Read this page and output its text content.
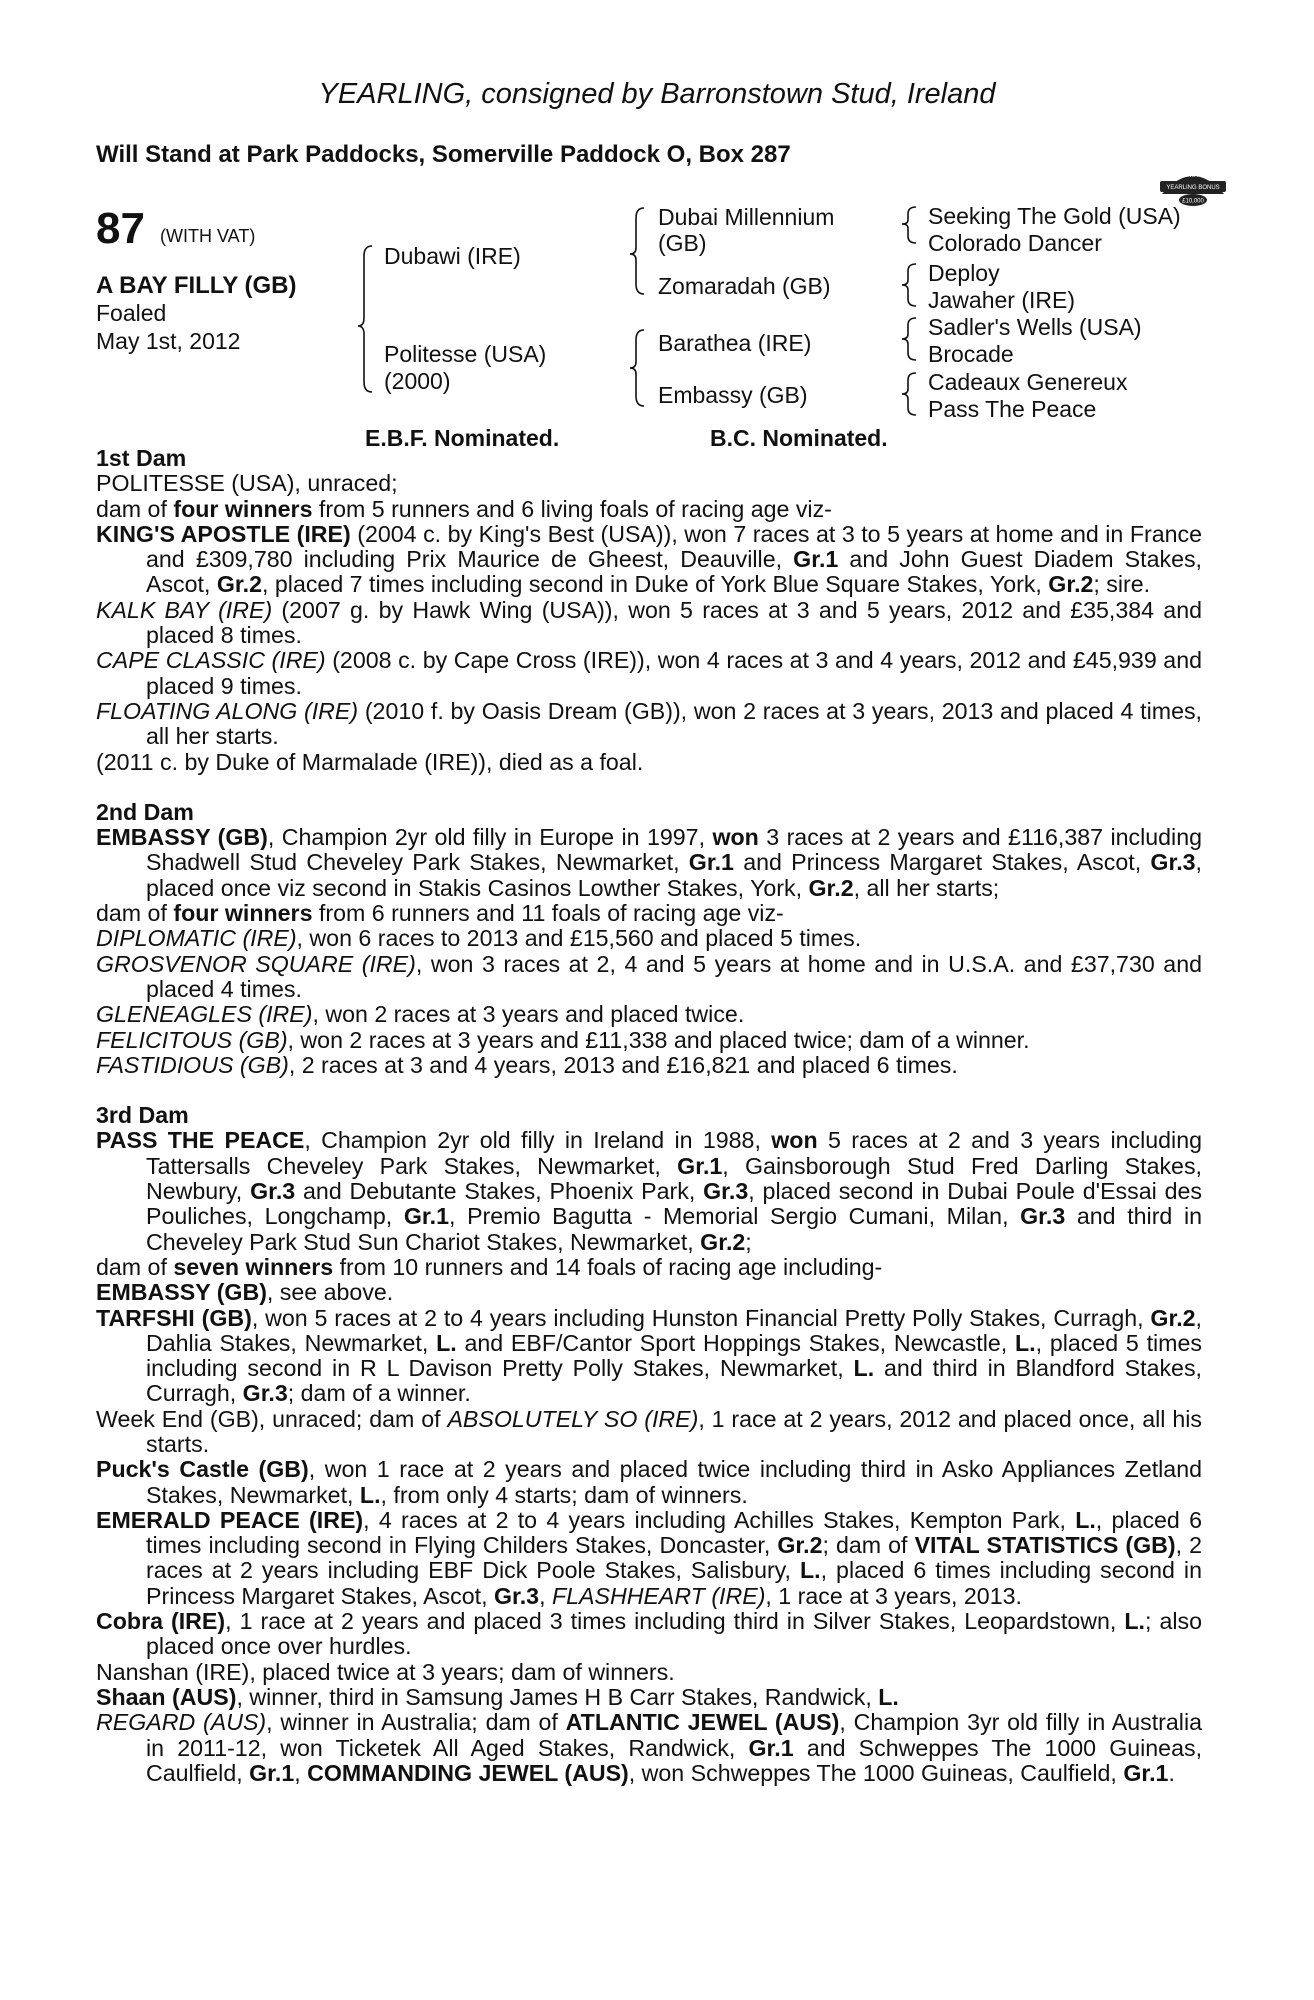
YEARLING, consigned by Barronstown Stud, Ireland
Will Stand at Park Paddocks, Somerville Paddock O, Box 287
RACING POST
YEARLING BONUS
£10,000
87 (WITH VAT)
A BAY FILLY (GB)
Foaled
May 1st, 2012
Dubawi (IRE)
Politesse (USA)
(2000)
Dubai Millennium
(GB)
Zomaradah (GB)
Barathea (IRE)
Embassy (GB)
Seeking The Gold (USA)
Colorado Dancer
Deploy
Jawaher (IRE)
Sadler's Wells (USA)
Brocade
Cadeaux Genereux
Pass The Peace
E.B.F. Nominated.	B.C. Nominated.

1st Dam

POLITESSE (USA), unraced;

dam of four winners from 5 runners and 6 living foals of racing age viz-

KING'S APOSTLE (IRE) (2004 c. by King's Best (USA)), won 7 races at 3 to 5 years at home and in France and £309,780 including Prix Maurice de Gheest, Deauville, Gr.1 and John Guest Diadem Stakes, Ascot, Gr.2, placed 7 times including second in Duke of York Blue Square Stakes, York, Gr.2; sire.

KALK BAY (IRE) (2007 g. by Hawk Wing (USA)), won 5 races at 3 and 5 years, 2012 and £35,384 and placed 8 times.

CAPE CLASSIC (IRE) (2008 c. by Cape Cross (IRE)), won 4 races at 3 and 4 years, 2012 and £45,939 and placed 9 times.

FLOATING ALONG (IRE) (2010 f. by Oasis Dream (GB)), won 2 races at 3 years, 2013 and placed 4 times, all her starts.

(2011 c. by Duke of Marmalade (IRE)), died as a foal.

2nd Dam

EMBASSY (GB), Champion 2yr old filly in Europe in 1997, won 3 races at 2 years and £116,387 including Shadwell Stud Cheveley Park Stakes, Newmarket, Gr.1 and Princess Margaret Stakes, Ascot, Gr.3, placed once viz second in Stakis Casinos Lowther Stakes, York, Gr.2, all her starts;

dam of four winners from 6 runners and 11 foals of racing age viz-

DIPLOMATIC (IRE), won 6 races to 2013 and £15,560 and placed 5 times.

GROSVENOR SQUARE (IRE), won 3 races at 2, 4 and 5 years at home and in U.S.A. and £37,730 and placed 4 times.

GLENEAGLES (IRE), won 2 races at 3 years and placed twice.

FELICITOUS (GB), won 2 races at 3 years and £11,338 and placed twice; dam of a winner.

FASTIDIOUS (GB), 2 races at 3 and 4 years, 2013 and £16,821 and placed 6 times.

3rd Dam

PASS THE PEACE, Champion 2yr old filly in Ireland in 1988, won 5 races at 2 and 3 years including Tattersalls Cheveley Park Stakes, Newmarket, Gr.1, Gainsborough Stud Fred Darling Stakes, Newbury, Gr.3 and Debutante Stakes, Phoenix Park, Gr.3, placed second in Dubai Poule d'Essai des Pouliches, Longchamp, Gr.1, Premio Bagutta - Memorial Sergio Cumani, Milan, Gr.3 and third in Cheveley Park Stud Sun Chariot Stakes, Newmarket, Gr.2;

dam of seven winners from 10 runners and 14 foals of racing age including-

EMBASSY (GB), see above.

TARFSHI (GB), won 5 races at 2 to 4 years including Hunston Financial Pretty Polly Stakes, Curragh, Gr.2, Dahlia Stakes, Newmarket, L. and EBF/Cantor Sport Hoppings Stakes, Newcastle, L., placed 5 times including second in R L Davison Pretty Polly Stakes, Newmarket, L. and third in Blandford Stakes, Curragh, Gr.3; dam of a winner.

Week End (GB), unraced; dam of ABSOLUTELY SO (IRE), 1 race at 2 years, 2012 and placed once, all his starts.

Puck's Castle (GB), won 1 race at 2 years and placed twice including third in Asko Appliances Zetland Stakes, Newmarket, L., from only 4 starts; dam of winners.

EMERALD PEACE (IRE), 4 races at 2 to 4 years including Achilles Stakes, Kempton Park, L., placed 6 times including second in Flying Childers Stakes, Doncaster, Gr.2; dam of VITAL STATISTICS (GB), 2 races at 2 years including EBF Dick Poole Stakes, Salisbury, L., placed 6 times including second in Princess Margaret Stakes, Ascot, Gr.3, FLASHHEART (IRE), 1 race at 3 years, 2013.

Cobra (IRE), 1 race at 2 years and placed 3 times including third in Silver Stakes, Leopardstown, L.; also placed once over hurdles.

Nanshan (IRE), placed twice at 3 years; dam of winners.

Shaan (AUS), winner, third in Samsung James H B Carr Stakes, Randwick, L.

REGARD (AUS), winner in Australia; dam of ATLANTIC JEWEL (AUS), Champion 3yr old filly in Australia in 2011-12, won Ticketek All Aged Stakes, Randwick, Gr.1 and Schweppes The 1000 Guineas, Caulfield, Gr.1, COMMANDING JEWEL (AUS), won Schweppes The 1000 Guineas, Caulfield, Gr.1.
